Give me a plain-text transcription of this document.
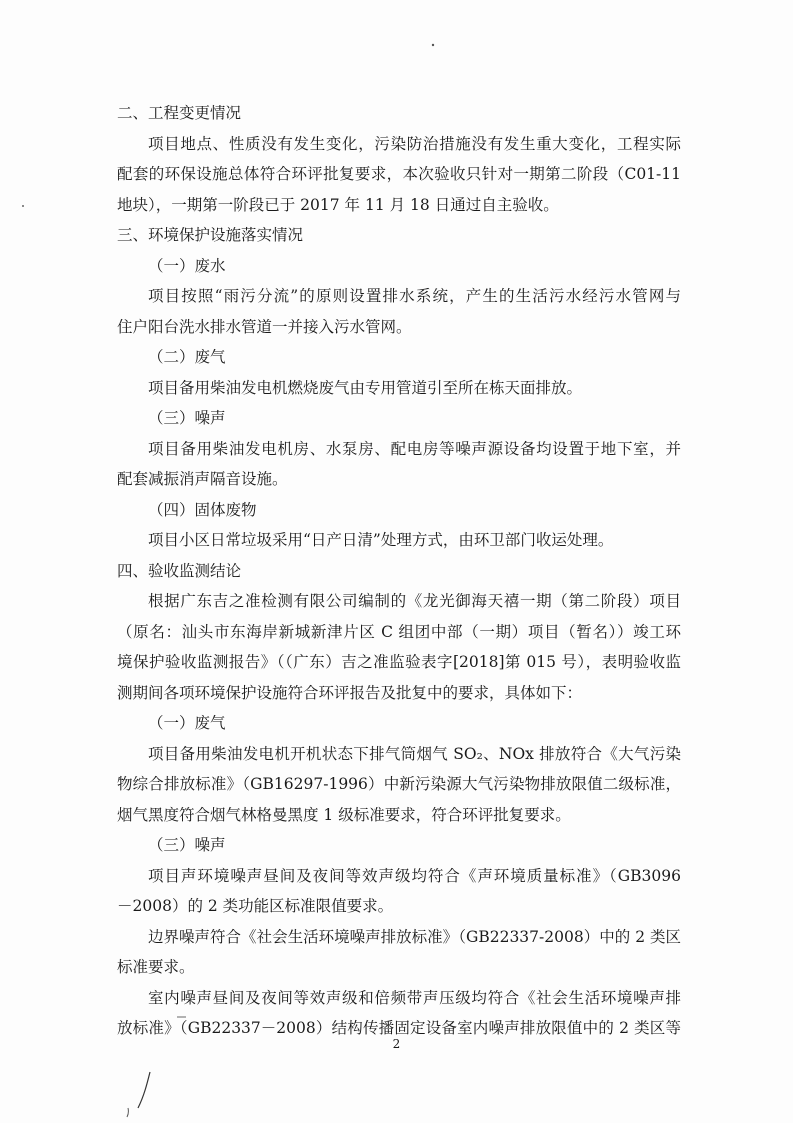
二、工程变更情况
项目地点、性质没有发生变化，污染防治措施没有发生重大变化，工程实际
配套的环保设施总体符合环评批复要求，本次验收只针对一期第二阶段（C01-11
地块），一期第一阶段已于 2017 年 11 月 18 日通过自主验收。
三、环境保护设施落实情况
（一）废水
项目按照“雨污分流”的原则设置排水系统，产生的生活污水经污水管网与
住户阳台洗水排水管道一并接入污水管网。
（二）废气
项目备用柴油发电机燃烧废气由专用管道引至所在栋天面排放。
（三）噪声
项目备用柴油发电机房、水泵房、配电房等噪声源设备均设置于地下室，并
配套减振消声隔音设施。
（四）固体废物
项目小区日常垃圾采用“日产日清”处理方式，由环卫部门收运处理。
四、验收监测结论
根据广东吉之准检测有限公司编制的《龙光御海天禧一期（第二阶段）项目
（原名：汕头市东海岸新城新津片区 C 组团中部（一期）项目（暂名））竣工环
境保护验收监测报告》（（广东）吉之准监验表字[2018]第 015 号），表明验收监
测期间各项环境保护设施符合环评报告及批复中的要求，具体如下：
（一）废气
项目备用柴油发电机开机状态下排气筒烟气 SO₂、NOx 排放符合《大气污染
物综合排放标准》（GB16297-1996）中新污染源大气污染物排放限值二级标准，
烟气黑度符合烟气林格曼黑度 1 级标准要求，符合环评批复要求。
（三）噪声
项目声环境噪声昼间及夜间等效声级均符合《声环境质量标准》（GB3096
－2008）的 2 类功能区标准限值要求。
边界噪声符合《社会生活环境噪声排放标准》（GB22337-2008）中的 2 类区
标准要求。
室内噪声昼间及夜间等效声级和倍频带声压级均符合《社会生活环境噪声排
放标准》（GB22337－2008）结构传播固定设备室内噪声排放限值中的 2 类区等
2
